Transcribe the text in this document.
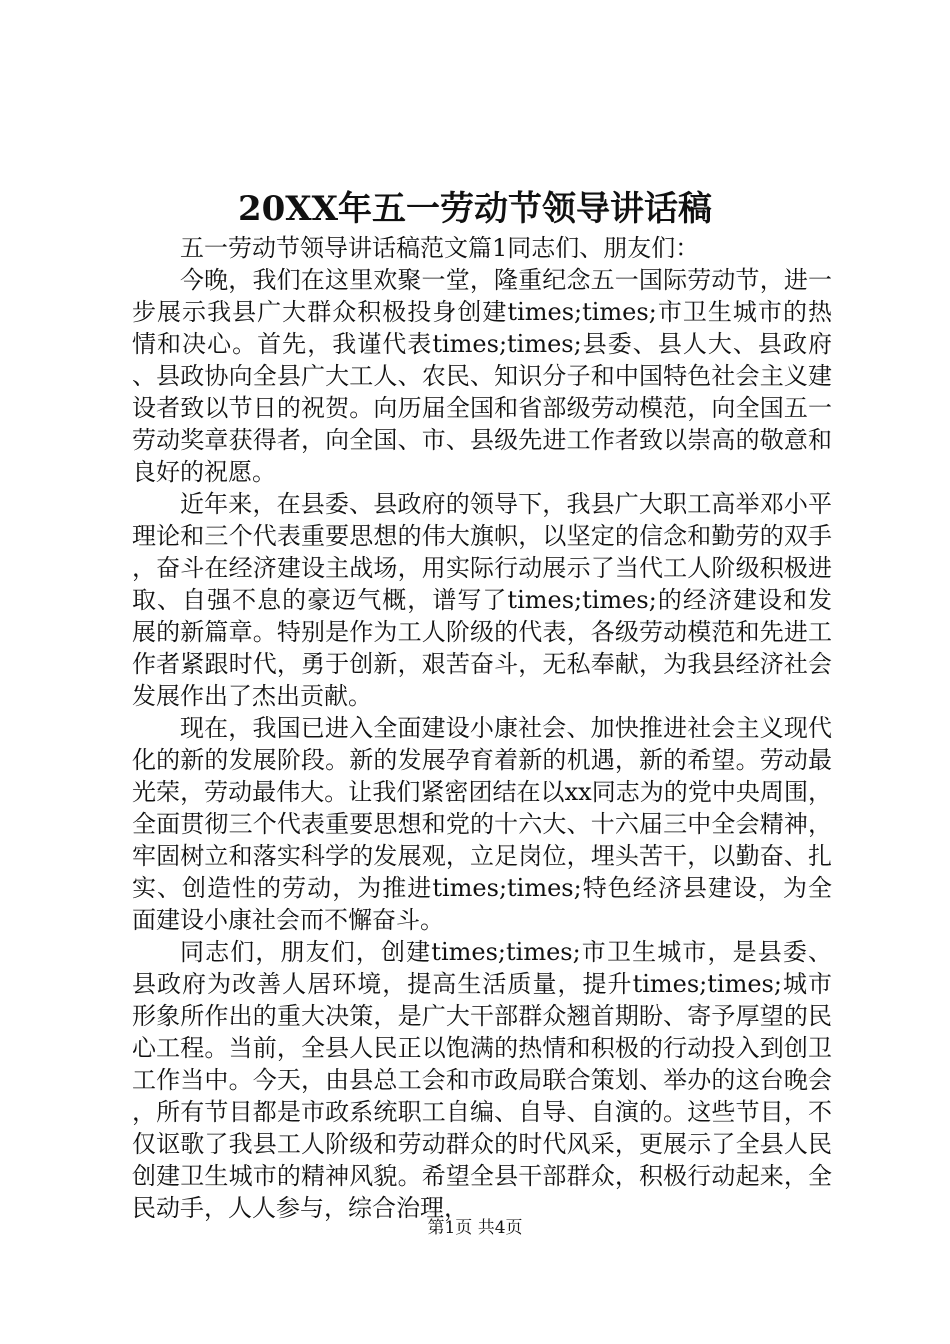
20XX年五一劳动节领导讲话稿

五一劳动节领导讲话稿范文篇1同志们、朋友们：

今晚，我们在这里欢聚一堂，隆重纪念五一国际劳动节，进一步展示我县广大群众积极投身创建times;times;市卫生城市的热情和决心。首先，我谨代表times;times;县委、县人大、县政府、县政协向全县广大工人、农民、知识分子和中国特色社会主义建设者致以节日的祝贺。向历届全国和省部级劳动模范，向全国五一劳动奖章获得者，向全国、市、县级先进工作者致以崇高的敬意和良好的祝愿。

近年来，在县委、县政府的领导下，我县广大职工高举邓小平理论和三个代表重要思想的伟大旗帜，以坚定的信念和勤劳的双手，奋斗在经济建设主战场，用实际行动展示了当代工人阶级积极进取、自强不息的豪迈气概，谱写了times;times;的经济建设和发展的新篇章。特别是作为工人阶级的代表，各级劳动模范和先进工作者紧跟时代，勇于创新，艰苦奋斗，无私奉献，为我县经济社会发展作出了杰出贡献。

现在，我国已进入全面建设小康社会、加快推进社会主义现代化的新的发展阶段。新的发展孕育着新的机遇，新的希望。劳动最光荣，劳动最伟大。让我们紧密团结在以xx同志为的党中央周围，全面贯彻三个代表重要思想和党的十六大、十六届三中全会精神，牢固树立和落实科学的发展观，立足岗位，埋头苦干，以勤奋、扎实、创造性的劳动，为推进times;times;特色经济县建设，为全面建设小康社会而不懈奋斗。

同志们，朋友们，创建times;times;市卫生城市，是县委、县政府为改善人居环境，提高生活质量，提升times;times;城市形象所作出的重大决策，是广大干部群众翘首期盼、寄予厚望的民心工程。当前，全县人民正以饱满的热情和积极的行动投入到创卫工作当中。今天，由县总工会和市政局联合策划、举办的这台晚会，所有节目都是市政系统职工自编、自导、自演的。这些节目，不仅讴歌了我县工人阶级和劳动群众的时代风采，更展示了全县人民创建卫生城市的精神风貌。希望全县干部群众，积极行动起来，全民动手，人人参与，综合治理，

第1页 共4页
